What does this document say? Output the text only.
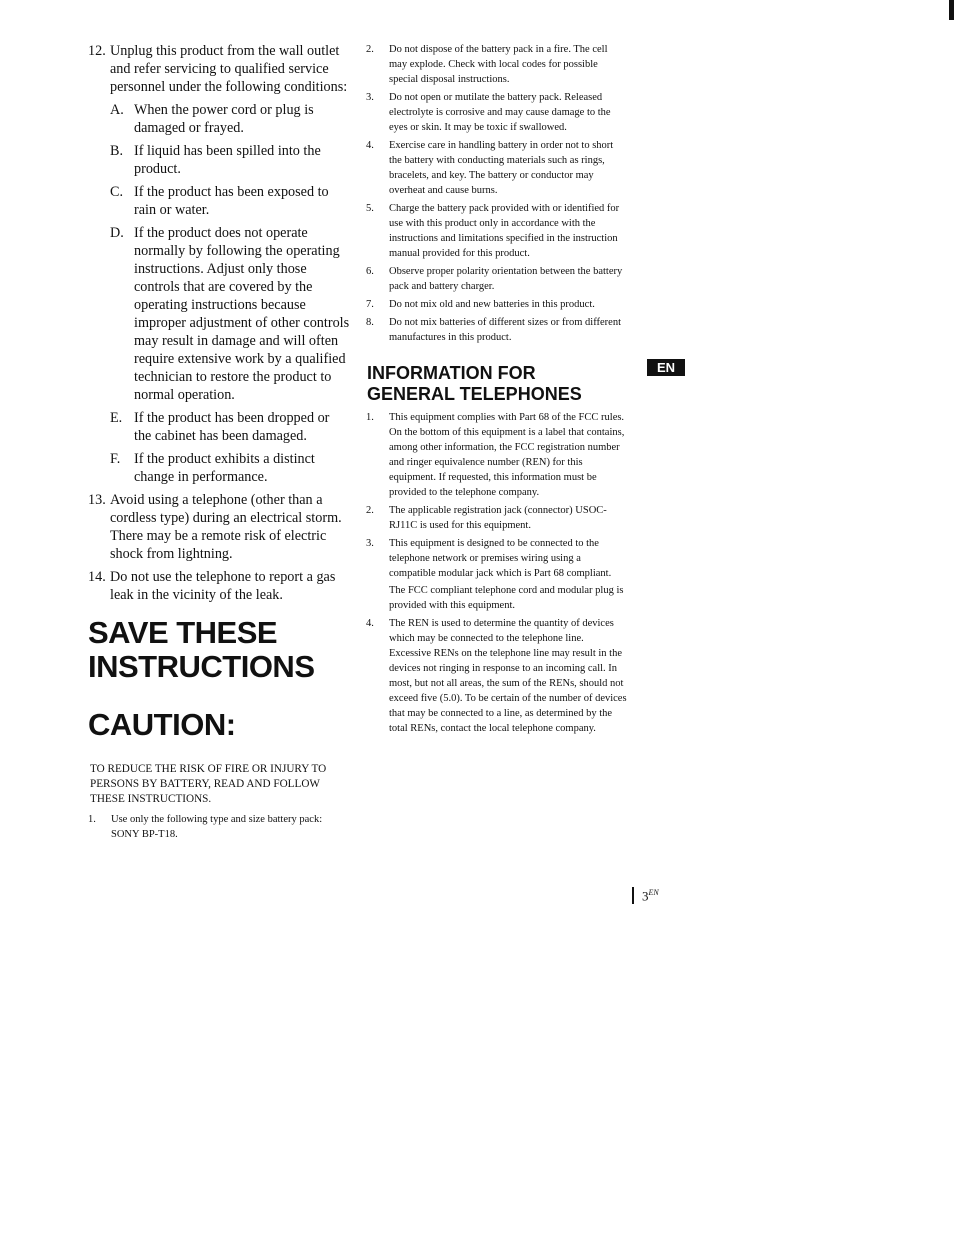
12. Unplug this product from the wall outlet and refer servicing to qualified service personnel under the following conditions:
A. When the power cord or plug is damaged or frayed.
B. If liquid has been spilled into the product.
C. If the product has been exposed to rain or water.
D. If the product does not operate normally by following the operating instructions. Adjust only those controls that are covered by the operating instructions because improper adjustment of other controls may result in damage and will often require extensive work by a qualified technician to restore the product to normal operation.
E. If the product has been dropped or the cabinet has been damaged.
F. If the product exhibits a distinct change in performance.
13. Avoid using a telephone (other than a cordless type) during an electrical storm. There may be a remote risk of electric shock from lightning.
14. Do not use the telephone to report a gas leak in the vicinity of the leak.
SAVE THESE
INSTRUCTIONS
CAUTION:
TO REDUCE THE RISK OF FIRE OR INJURY TO PERSONS BY BATTERY, READ AND FOLLOW THESE INSTRUCTIONS.
1.	Use only the following type and size battery pack: SONY BP-T18.
2.	Do not dispose of the battery pack in a fire. The cell may explode. Check with local codes for possible special disposal instructions.
3.	Do not open or mutilate the battery pack. Released electrolyte is corrosive and may cause damage to the eyes or skin. It may be toxic if swallowed.
4.	Exercise care in handling battery in order not to short the battery with conducting materials such as rings, bracelets, and key. The battery or conductor may overheat and cause burns.
5.	Charge the battery pack provided with or identified for use with this product only in accordance with the instructions and limitations specified in the instruction manual provided for this product.
6.	Observe proper polarity orientation between the battery pack and battery charger.
7.	Do not mix old and new batteries in this product.
8.	Do not mix batteries of different sizes or from different manufactures in this product.
INFORMATION FOR
GENERAL TELEPHONES
1.	This equipment complies with Part 68 of the FCC rules. On the bottom of this equipment is a label that contains, among other information, the FCC registration number and ringer equivalence number (REN) for this equipment. If requested, this information must be provided to the telephone company.
2.	The applicable registration jack (connector) USOC-RJ11C is used for this equipment.
3.	This equipment is designed to be connected to the telephone network or premises wiring using a compatible modular jack which is Part 68 compliant.
The FCC compliant telephone cord and modular plug is provided with this equipment.
4.	The REN is used to determine the quantity of devices which may be connected to the telephone line. Excessive RENs on the telephone line may result in the devices not ringing in response to an incoming call. In most, but not all areas, the sum of the RENs, should not exceed five (5.0). To be certain of the number of devices that may be connected to a line, as determined by the total RENs, contact the local telephone company.
EN
$3^{EN}$
